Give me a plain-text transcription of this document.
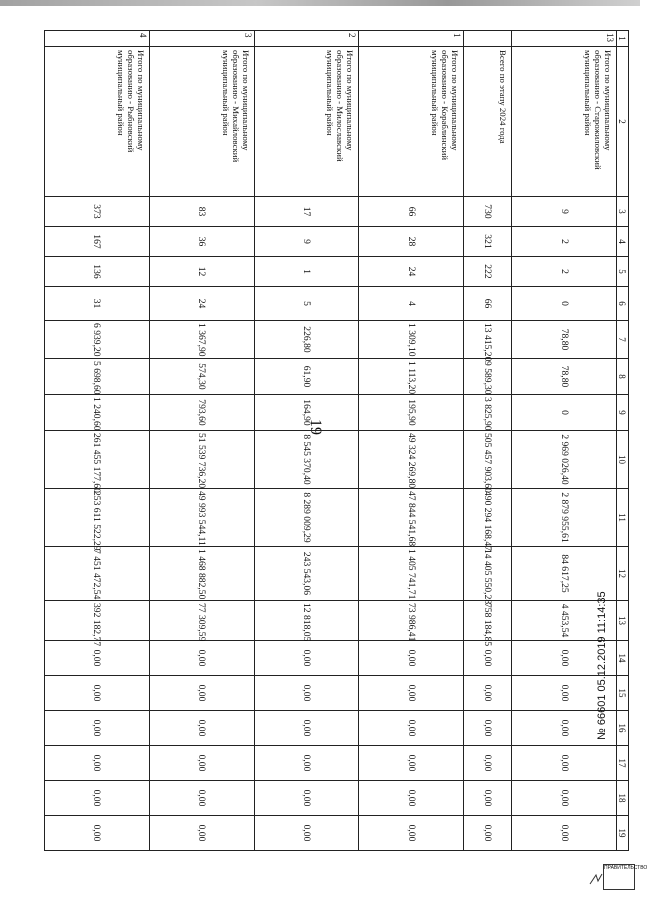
19
1	2	3	4	5	6	7	8	9	10	11	12	13	14	15	16	17	18	19
13	Итого по муниципальному образованию - Старожиловский муниципальный район	9	2	2	0	78,80	78,80	0	2 969 026,40	2 879 955,61	84 617,25	4 453,54	0,00	0,00	0,00	0,00	0,00	0,00
	Всего по этапу 2024 года	730	321	222	66	13 415,20	9 589,30	3 825,90	505 457 903,60	490 294 168,47	14 405 550,28	758 184,85	0,00	0,00	0,00	0,00	0,00	0,00
1	Итого по муниципальному образованию - Кораблинский муниципальный район	66	28	24	4	1 309,10	1 113,20	195,90	49 324 269,80	47 844 541,68	1 405 741,71	73 986,41	0,00	0,00	0,00	0,00	0,00	0,00
2	Итого по муниципальному образованию - Милославский муниципальный район	17	9	1	5	226,80	61,90	164,90	8 545 370,40	8 289 009,29	243 543,06	12 818,05	0,00	0,00	0,00	0,00	0,00	0,00
3	Итого по муниципальному образованию - Михайловский муниципальный район	83	36	12	24	1 367,90	574,30	793,60	51 539 736,20	49 993 544,11	1 468 882,50	77 309,59	0,00	0,00	0,00	0,00	0,00	0,00
4	Итого по муниципальному образованию - Рыбновский муниципальный район	373	167	136	31	6 939,20	5 698,60	1 240,60	261 455 177,60	253 611 522,29	7 451 472,54	392 182,77	0,00	0,00	0,00	0,00	0,00	0,00
№ 66601 05.12.2019 11:14:35
ПРАВИТЕЛЬСТВО
